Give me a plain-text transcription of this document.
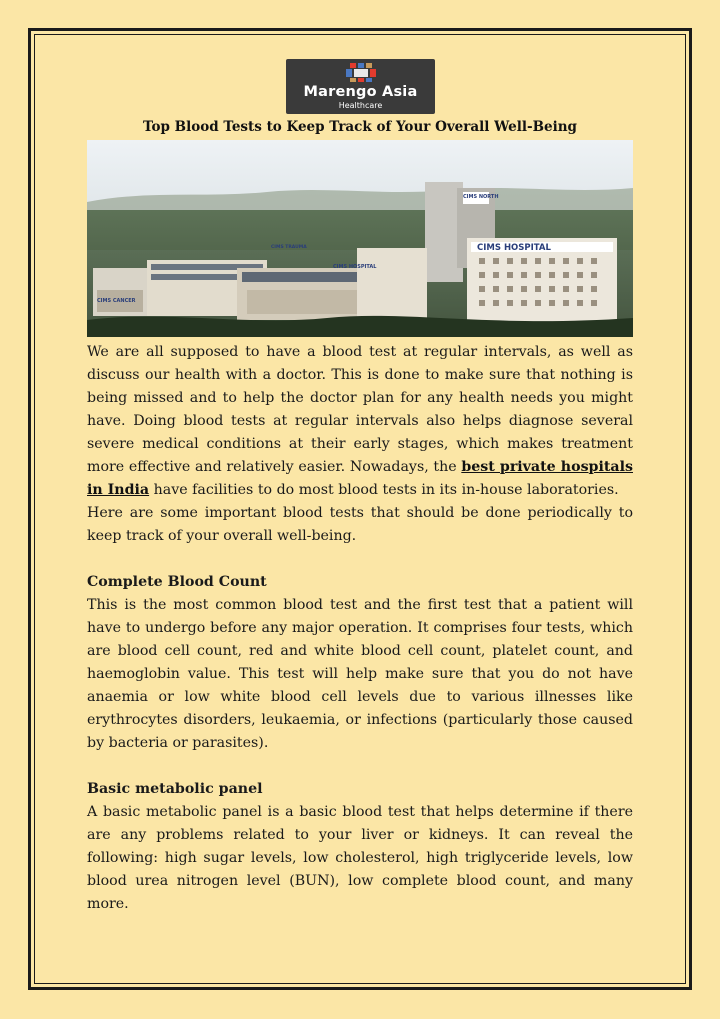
Marengo Asia
Healthcare
Top Blood Tests to Keep Track of Your Overall Well-Being
CIMS NORTH
CIMS HOSPITAL
CIMS TRAUMA
CIMS HOSPITAL
CIMS CANCER

We are all supposed to have a blood test at regular intervals, as well as discuss our health with a doctor. This is done to make sure that nothing is being missed and to help the doctor plan for any health needs you might have. Doing blood tests at regular intervals also helps diagnose several severe medical conditions at their early stages, which makes treatment more effective and relatively easier. Nowadays, the best private hospitals in India have facilities to do most blood tests in its in-house laboratories.

Here are some important blood tests that should be done periodically to keep track of your overall well-being.

Complete Blood Count

This is the most common blood test and the first test that a patient will have to undergo before any major operation. It comprises four tests, which are blood cell count, red and white blood cell count, platelet count, and haemoglobin value. This test will help make sure that you do not have anaemia or low white blood cell levels due to various illnesses like erythrocytes disorders, leukaemia, or infections (particularly those caused by bacteria or parasites).

Basic metabolic panel

A basic metabolic panel is a basic blood test that helps determine if there are any problems related to your liver or kidneys. It can reveal the following: high sugar levels, low cholesterol, high triglyceride levels, low blood urea nitrogen level (BUN), low complete blood count, and many more.
